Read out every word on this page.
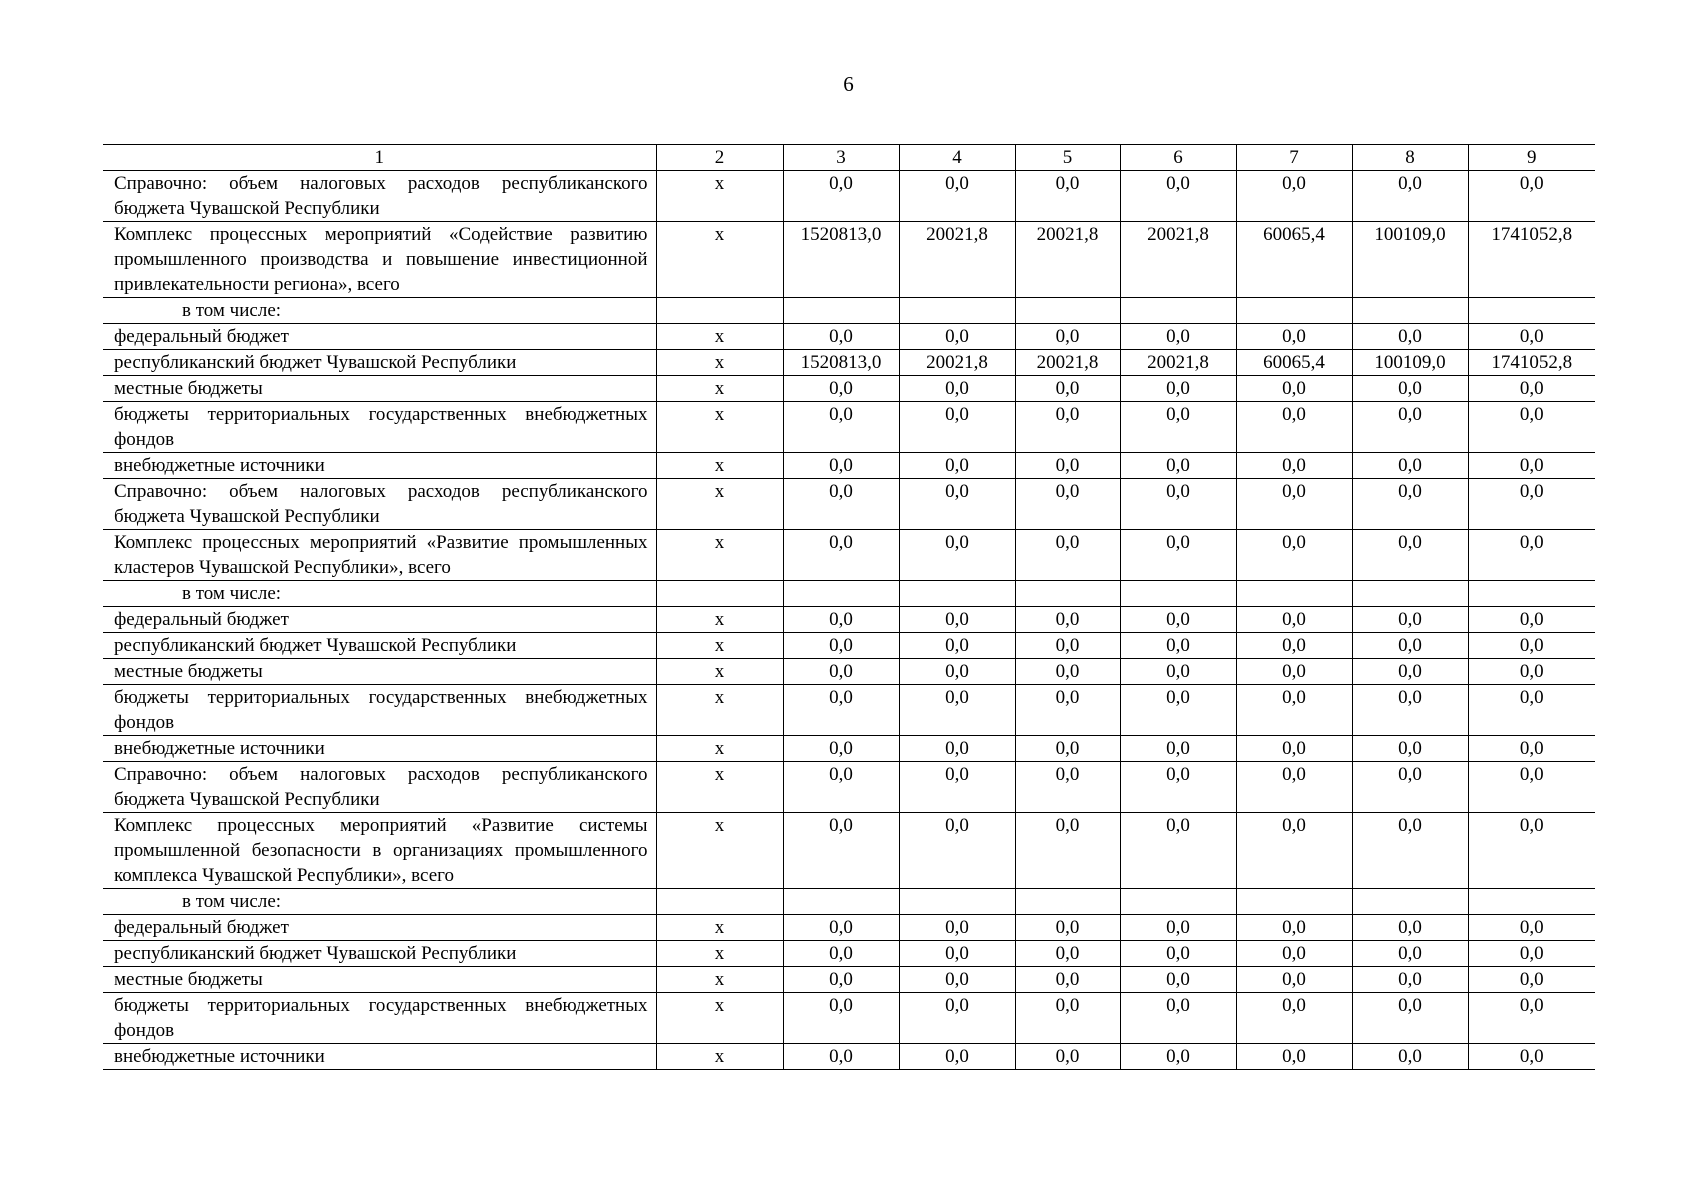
6
1	2	3	4	5	6	7	8	9
Справочно: объем налоговых расходов республиканского бюджета Чувашской Республики	х	0,0	0,0	0,0	0,0	0,0	0,0	0,0
Комплекс процессных мероприятий «Содействие развитию промышленного производства и повышение инвестиционной привлекательности региона», всего	х	1520813,0	20021,8	20021,8	20021,8	60065,4	100109,0	1741052,8
в том числе:								
федеральный бюджет	х	0,0	0,0	0,0	0,0	0,0	0,0	0,0
республиканский бюджет Чувашской Республики	х	1520813,0	20021,8	20021,8	20021,8	60065,4	100109,0	1741052,8
местные бюджеты	х	0,0	0,0	0,0	0,0	0,0	0,0	0,0
бюджеты территориальных государственных внебюджетных фондов	х	0,0	0,0	0,0	0,0	0,0	0,0	0,0
внебюджетные источники	х	0,0	0,0	0,0	0,0	0,0	0,0	0,0
Справочно: объем налоговых расходов республиканского бюджета Чувашской Республики	х	0,0	0,0	0,0	0,0	0,0	0,0	0,0
Комплекс процессных мероприятий «Развитие промышленных кластеров Чувашской Республики», всего	х	0,0	0,0	0,0	0,0	0,0	0,0	0,0
в том числе:								
федеральный бюджет	х	0,0	0,0	0,0	0,0	0,0	0,0	0,0
республиканский бюджет Чувашской Республики	х	0,0	0,0	0,0	0,0	0,0	0,0	0,0
местные бюджеты	х	0,0	0,0	0,0	0,0	0,0	0,0	0,0
бюджеты территориальных государственных внебюджетных фондов	х	0,0	0,0	0,0	0,0	0,0	0,0	0,0
внебюджетные источники	х	0,0	0,0	0,0	0,0	0,0	0,0	0,0
Справочно: объем налоговых расходов республиканского бюджета Чувашской Республики	х	0,0	0,0	0,0	0,0	0,0	0,0	0,0
Комплекс процессных мероприятий «Развитие системы промышленной безопасности в организациях промышленного комплекса Чувашской Республики», всего	х	0,0	0,0	0,0	0,0	0,0	0,0	0,0
в том числе:								
федеральный бюджет	х	0,0	0,0	0,0	0,0	0,0	0,0	0,0
республиканский бюджет Чувашской Республики	х	0,0	0,0	0,0	0,0	0,0	0,0	0,0
местные бюджеты	х	0,0	0,0	0,0	0,0	0,0	0,0	0,0
бюджеты территориальных государственных внебюджетных фондов	х	0,0	0,0	0,0	0,0	0,0	0,0	0,0
внебюджетные источники	х	0,0	0,0	0,0	0,0	0,0	0,0	0,0
